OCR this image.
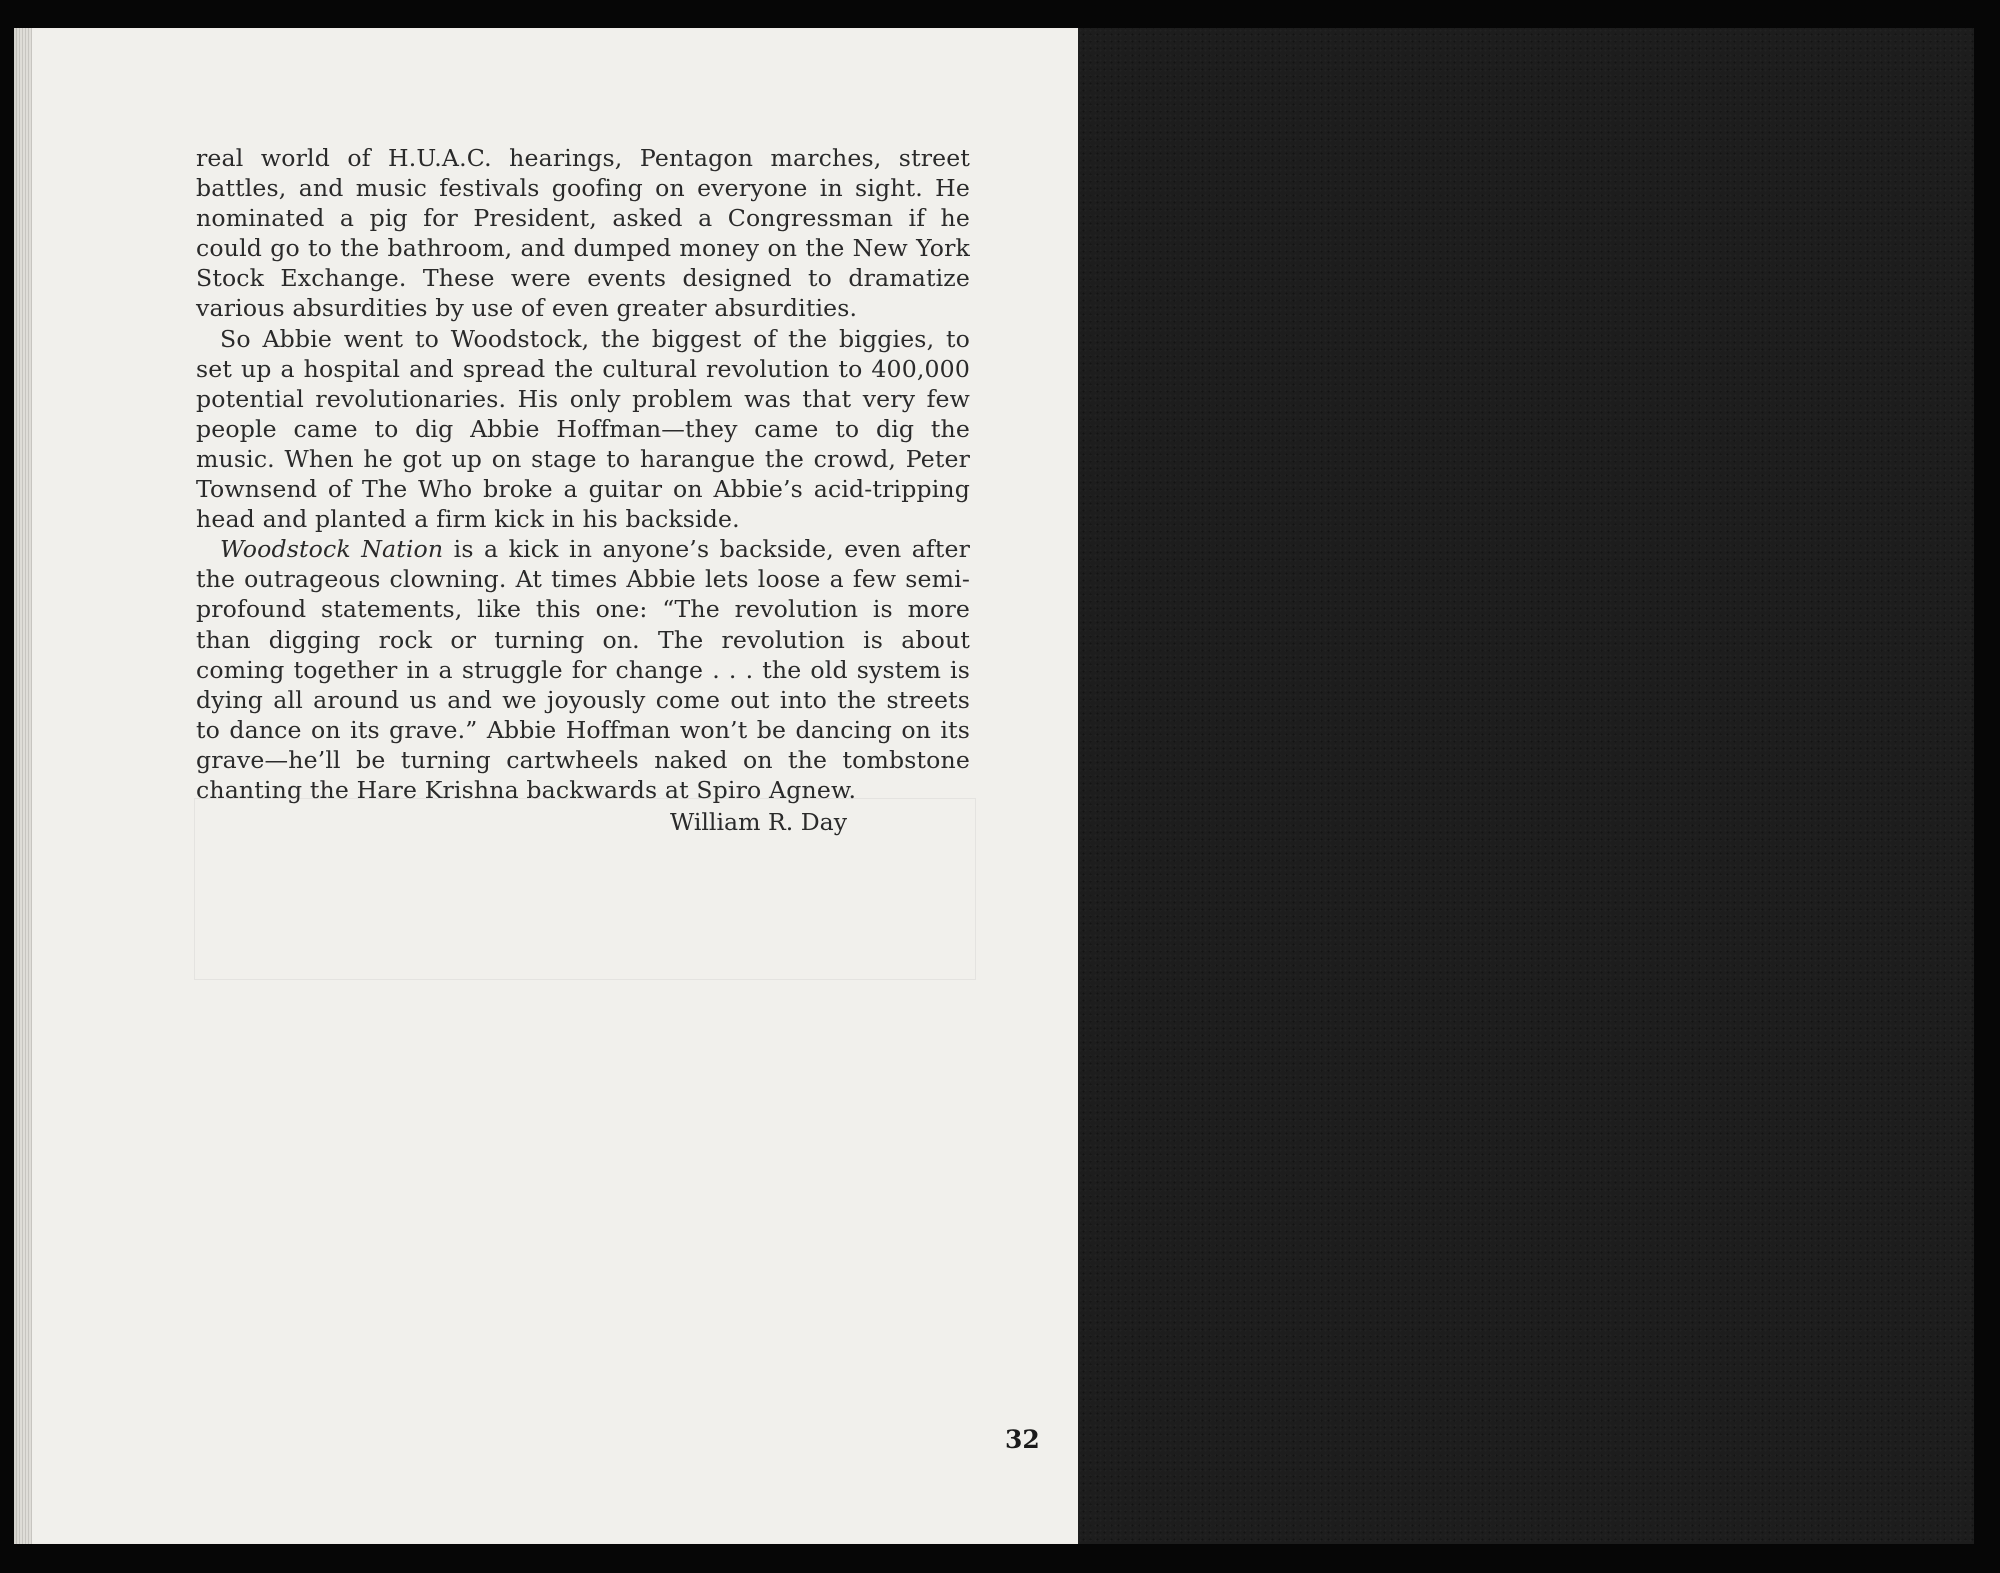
real world of H.U.A.C. hearings, Pentagon marches, street battles, and music festivals goofing on everyone in sight. He nominated a pig for President, asked a Congressman if he could go to the bathroom, and dumped money on the New York Stock Exchange. These were events designed to dramatize various absurdities by use of even greater absurdities.

So Abbie went to Woodstock, the biggest of the biggies, to set up a hospital and spread the cultural revolution to 400,000 potential revolutionaries. His only problem was that very few people came to dig Abbie Hoffman—they came to dig the music. When he got up on stage to harangue the crowd, Peter Townsend of The Who broke a guitar on Abbie’s acid-tripping head and planted a firm kick in his backside.

Woodstock Nation is a kick in anyone’s backside, even after the outrageous clowning. At times Abbie lets loose a few semi-profound statements, like this one: “The revolution is more than digging rock or turning on. The revolution is about coming together in a struggle for change . . . the old system is dying all around us and we joyously come out into the streets to dance on its grave.” Abbie Hoffman won’t be dancing on its grave—he’ll be turning cartwheels naked on the tombstone chanting the Hare Krishna backwards at Spiro Agnew.

William R. Day
32
